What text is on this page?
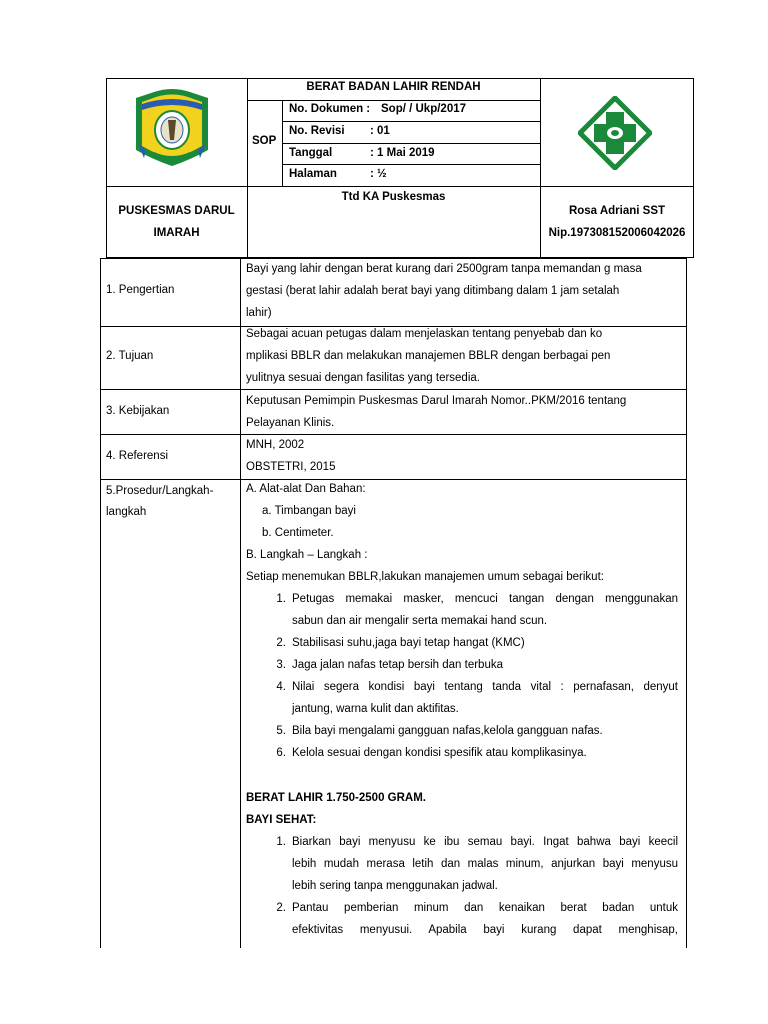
BERAT BADAN LAHIR RENDAH
SOP
No. Dokumen : Sop/ / Ukp/2017
No. Revisi : 01
Tanggal	: 1 Mai 2019
Halaman	: ½
PUSKESMAS DARUL
IMARAH
Ttd KA Puskesmas
Rosa Adriani SST
Nip.197308152006042026
1. Pengertian
Bayi yang lahir dengan berat kurang dari 2500gram tanpa memandan g masa
gestasi (berat lahir adalah berat bayi yang ditimbang dalam 1 jam setalah
lahir)
2. Tujuan
Sebagai acuan petugas dalam menjelaskan tentang penyebab dan ko
mplikasi BBLR dan melakukan manajemen BBLR dengan berbagai pen
yulitnya sesuai dengan fasilitas yang tersedia.
3. Kebijakan
Keputusan Pemimpin Puskesmas Darul Imarah Nomor..PKM/2016 tentang
Pelayanan Klinis.
4. Referensi
MNH, 2002
OBSTETRI, 2015
5.Prosedur/Langkah-
langkah
A. Alat-alat Dan Bahan:
a. Timbangan bayi
b. Centimeter.
B. Langkah – Langkah :
Setiap menemukan BBLR,lakukan manajemen umum sebagai berikut:
1. Petugas memakai masker, mencuci tangan dengan menggunakan
sabun dan air mengalir serta memakai hand scun.
2. Stabilisasi suhu,jaga bayi tetap hangat (KMC)
3. Jaga jalan nafas tetap bersih dan terbuka
4. Nilai segera kondisi bayi tentang tanda vital : pernafasan, denyut
jantung, warna kulit dan aktifitas.
5. Bila bayi mengalami gangguan nafas,kelola gangguan nafas.
6. Kelola sesuai dengan kondisi spesifik atau komplikasinya.
BERAT LAHIR 1.750-2500 GRAM.
BAYI SEHAT:
1. Biarkan bayi menyusu ke ibu semau bayi. Ingat bahwa bayi keecil
lebih mudah merasa letih dan malas minum, anjurkan bayi menyusu
lebih sering tanpa menggunakan jadwal.
2. Pantau pemberian minum dan kenaikan berat badan untuk
efektivitas menyusui. Apabila bayi kurang dapat menghisap,
